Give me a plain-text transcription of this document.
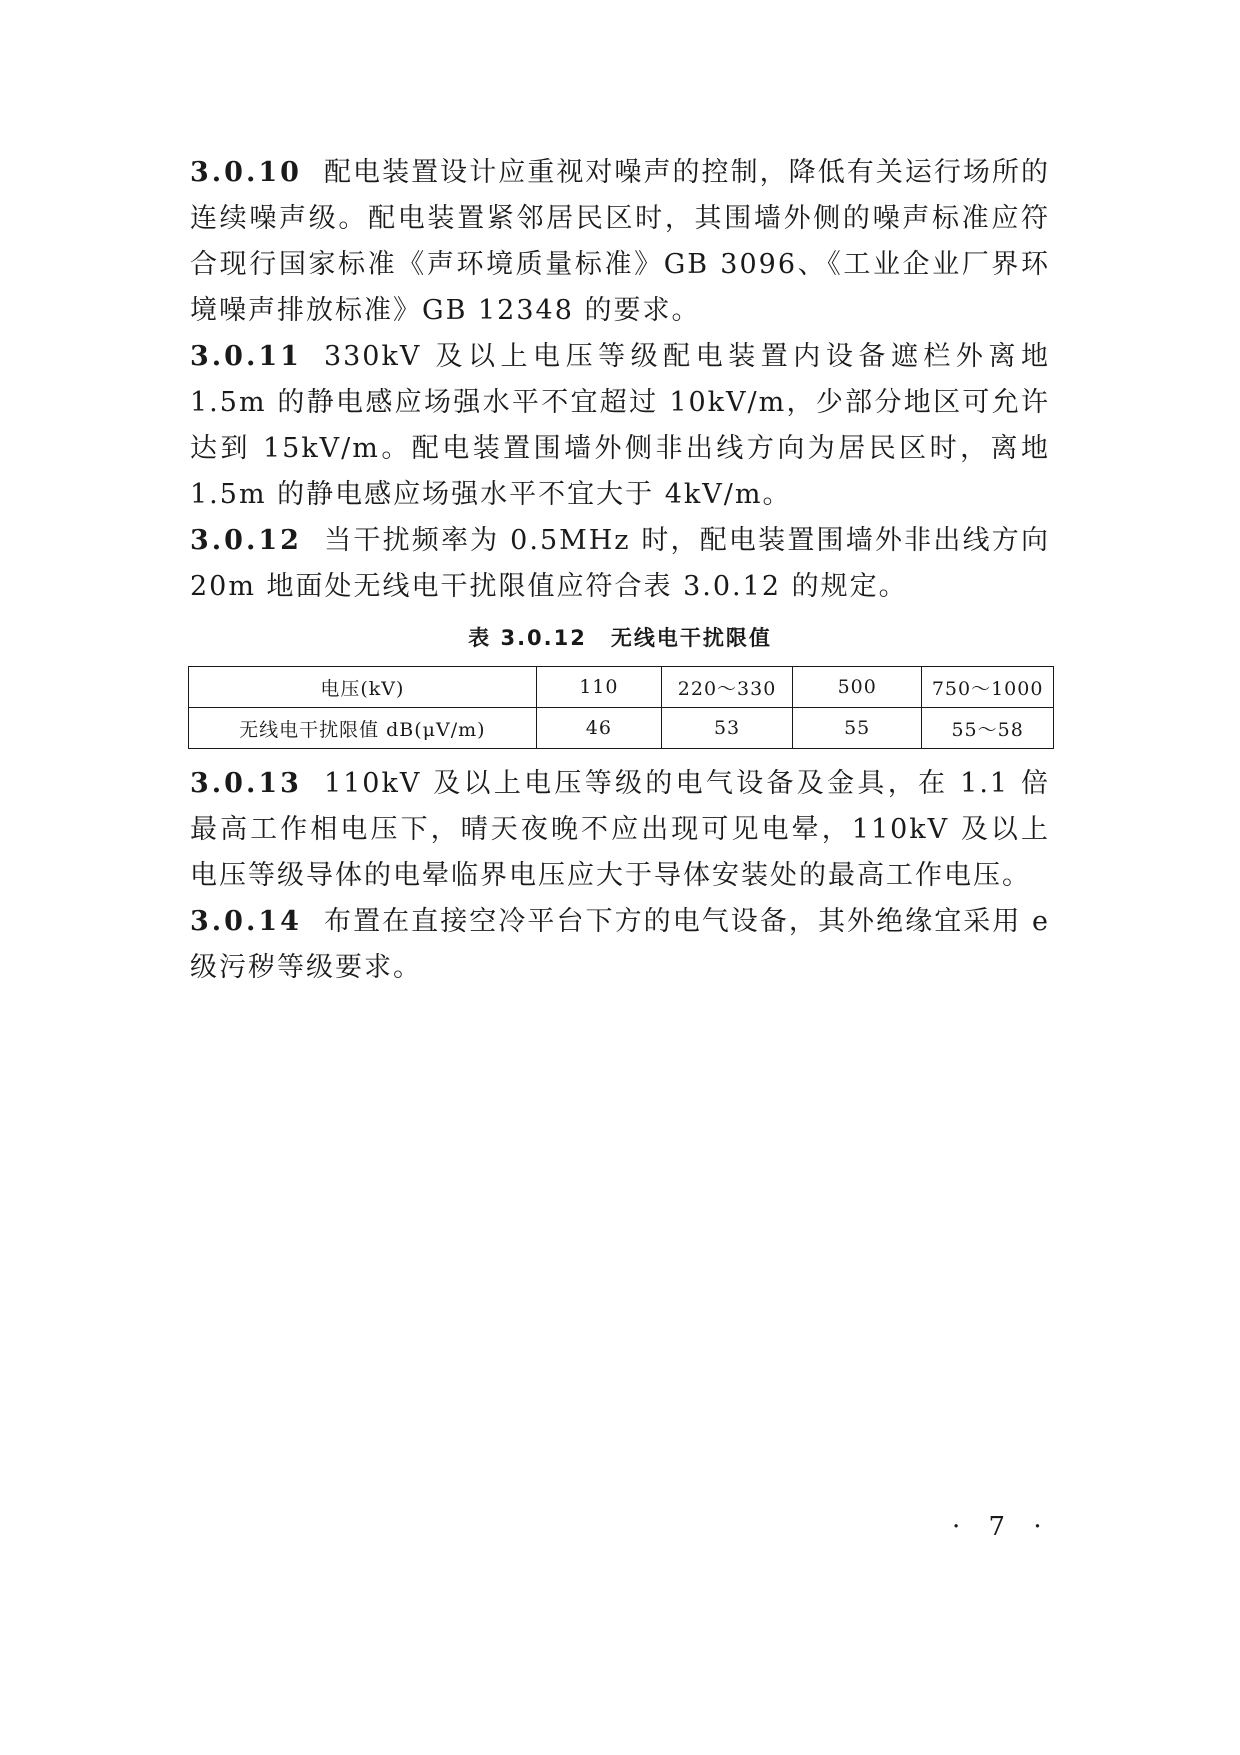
3.0.10 配电装置设计应重视对噪声的控制，降低有关运行场所的连续噪声级。配电装置紧邻居民区时，其围墙外侧的噪声标准应符合现行国家标准《声环境质量标准》GB 3096、《工业企业厂界环境噪声排放标准》GB 12348 的要求。

3.0.11 330kV 及以上电压等级配电装置内设备遮栏外离地 1.5m 的静电感应场强水平不宜超过 10kV/m，少部分地区可允许达到 15kV/m。配电装置围墙外侧非出线方向为居民区时，离地 1.5m 的静电感应场强水平不宜大于 4kV/m。

3.0.12 当干扰频率为 0.5MHz 时，配电装置围墙外非出线方向 20m 地面处无线电干扰限值应符合表 3.0.12 的规定。

表 3.0.12 无线电干扰限值
电压(kV)	110	220～330	500	750～1000
无线电干扰限值 dB(μV/m)	46	53	55	55～58

3.0.13 110kV 及以上电压等级的电气设备及金具，在 1.1 倍最高工作相电压下，晴天夜晚不应出现可见电晕，110kV 及以上电压等级导体的电晕临界电压应大于导体安装处的最高工作电压。

3.0.14 布置在直接空冷平台下方的电气设备，其外绝缘宜采用 e 级污秽等级要求。

· 7 ·
